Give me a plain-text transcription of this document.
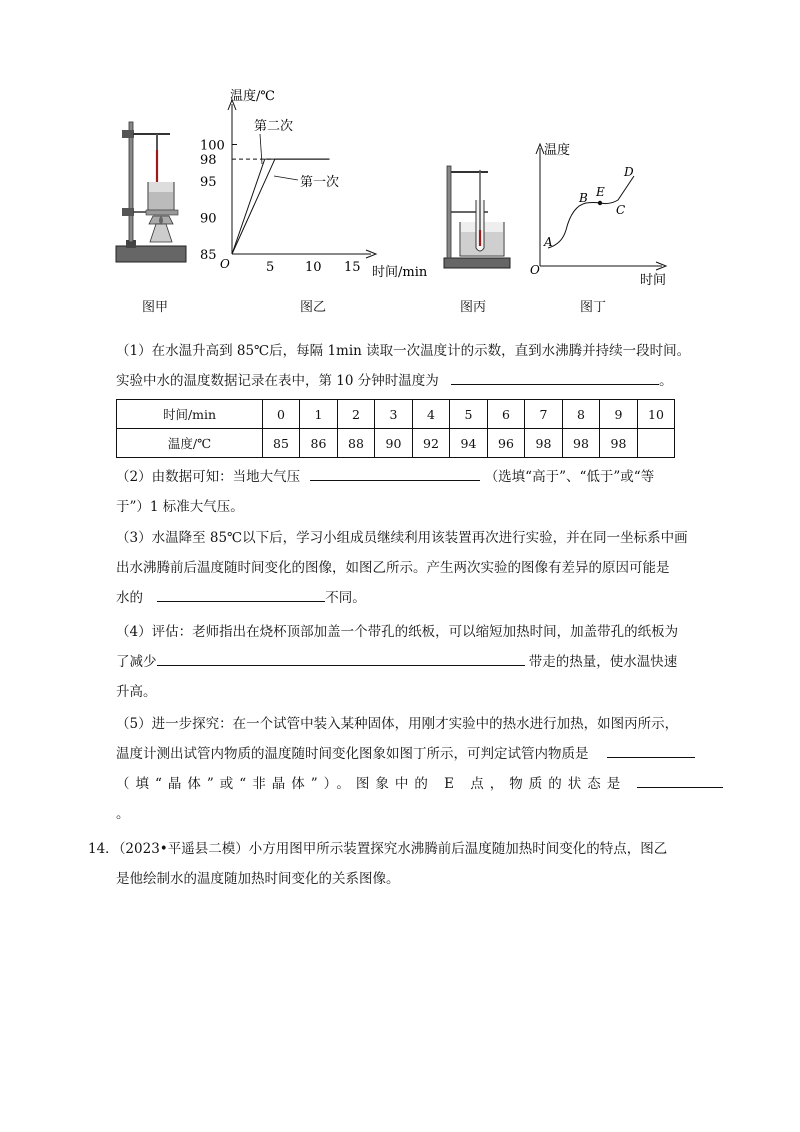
图甲
温度/℃
时间/min
O
100
98
95
90
85
5 10 15
第二次
第一次
图乙	图丙
温度
时间
O
A
B E
C
D
图丁
（1）在水温升高到 85℃后，每隔 1min 读取一次温度计的示数，直到水沸腾并持续一段时间。
实验中水的温度数据记录在表中，第 10 分钟时温度为	。
时间/min	0	1	2	3	4	5	6	7	8	9	10
温度/℃	85	86	88	90	92	94	96	98	98	98	
（2）由数据可知：当地大气压	（选填“高于”、“低于”或“等
于”）1 标准大气压。
（3）水温降至 85℃以下后，学习小组成员继续利用该装置再次进行实验，并在同一坐标系中画
出水沸腾前后温度随时间变化的图像，如图乙所示。产生两次实验的图像有差异的原因可能是
水的	不同。
（4）评估：老师指出在烧杯顶部加盖一个带孔的纸板，可以缩短加热时间，加盖带孔的纸板为
了减少	带走的热量，使水温快速
升高。
（5）进一步探究：在一个试管中装入某种固体，用刚才实验中的热水进行加热，如图丙所示，
温度计测出试管内物质的温度随时间变化图象如图丁所示，可判定试管内物质是
（填“晶体”或“非晶体”）。图象中的 E 点，物质的状态是
。
14．（2023•平遥县二模）小方用图甲所示装置探究水沸腾前后温度随加热时间变化的特点，图乙
是他绘制水的温度随加热时间变化的关系图像。
